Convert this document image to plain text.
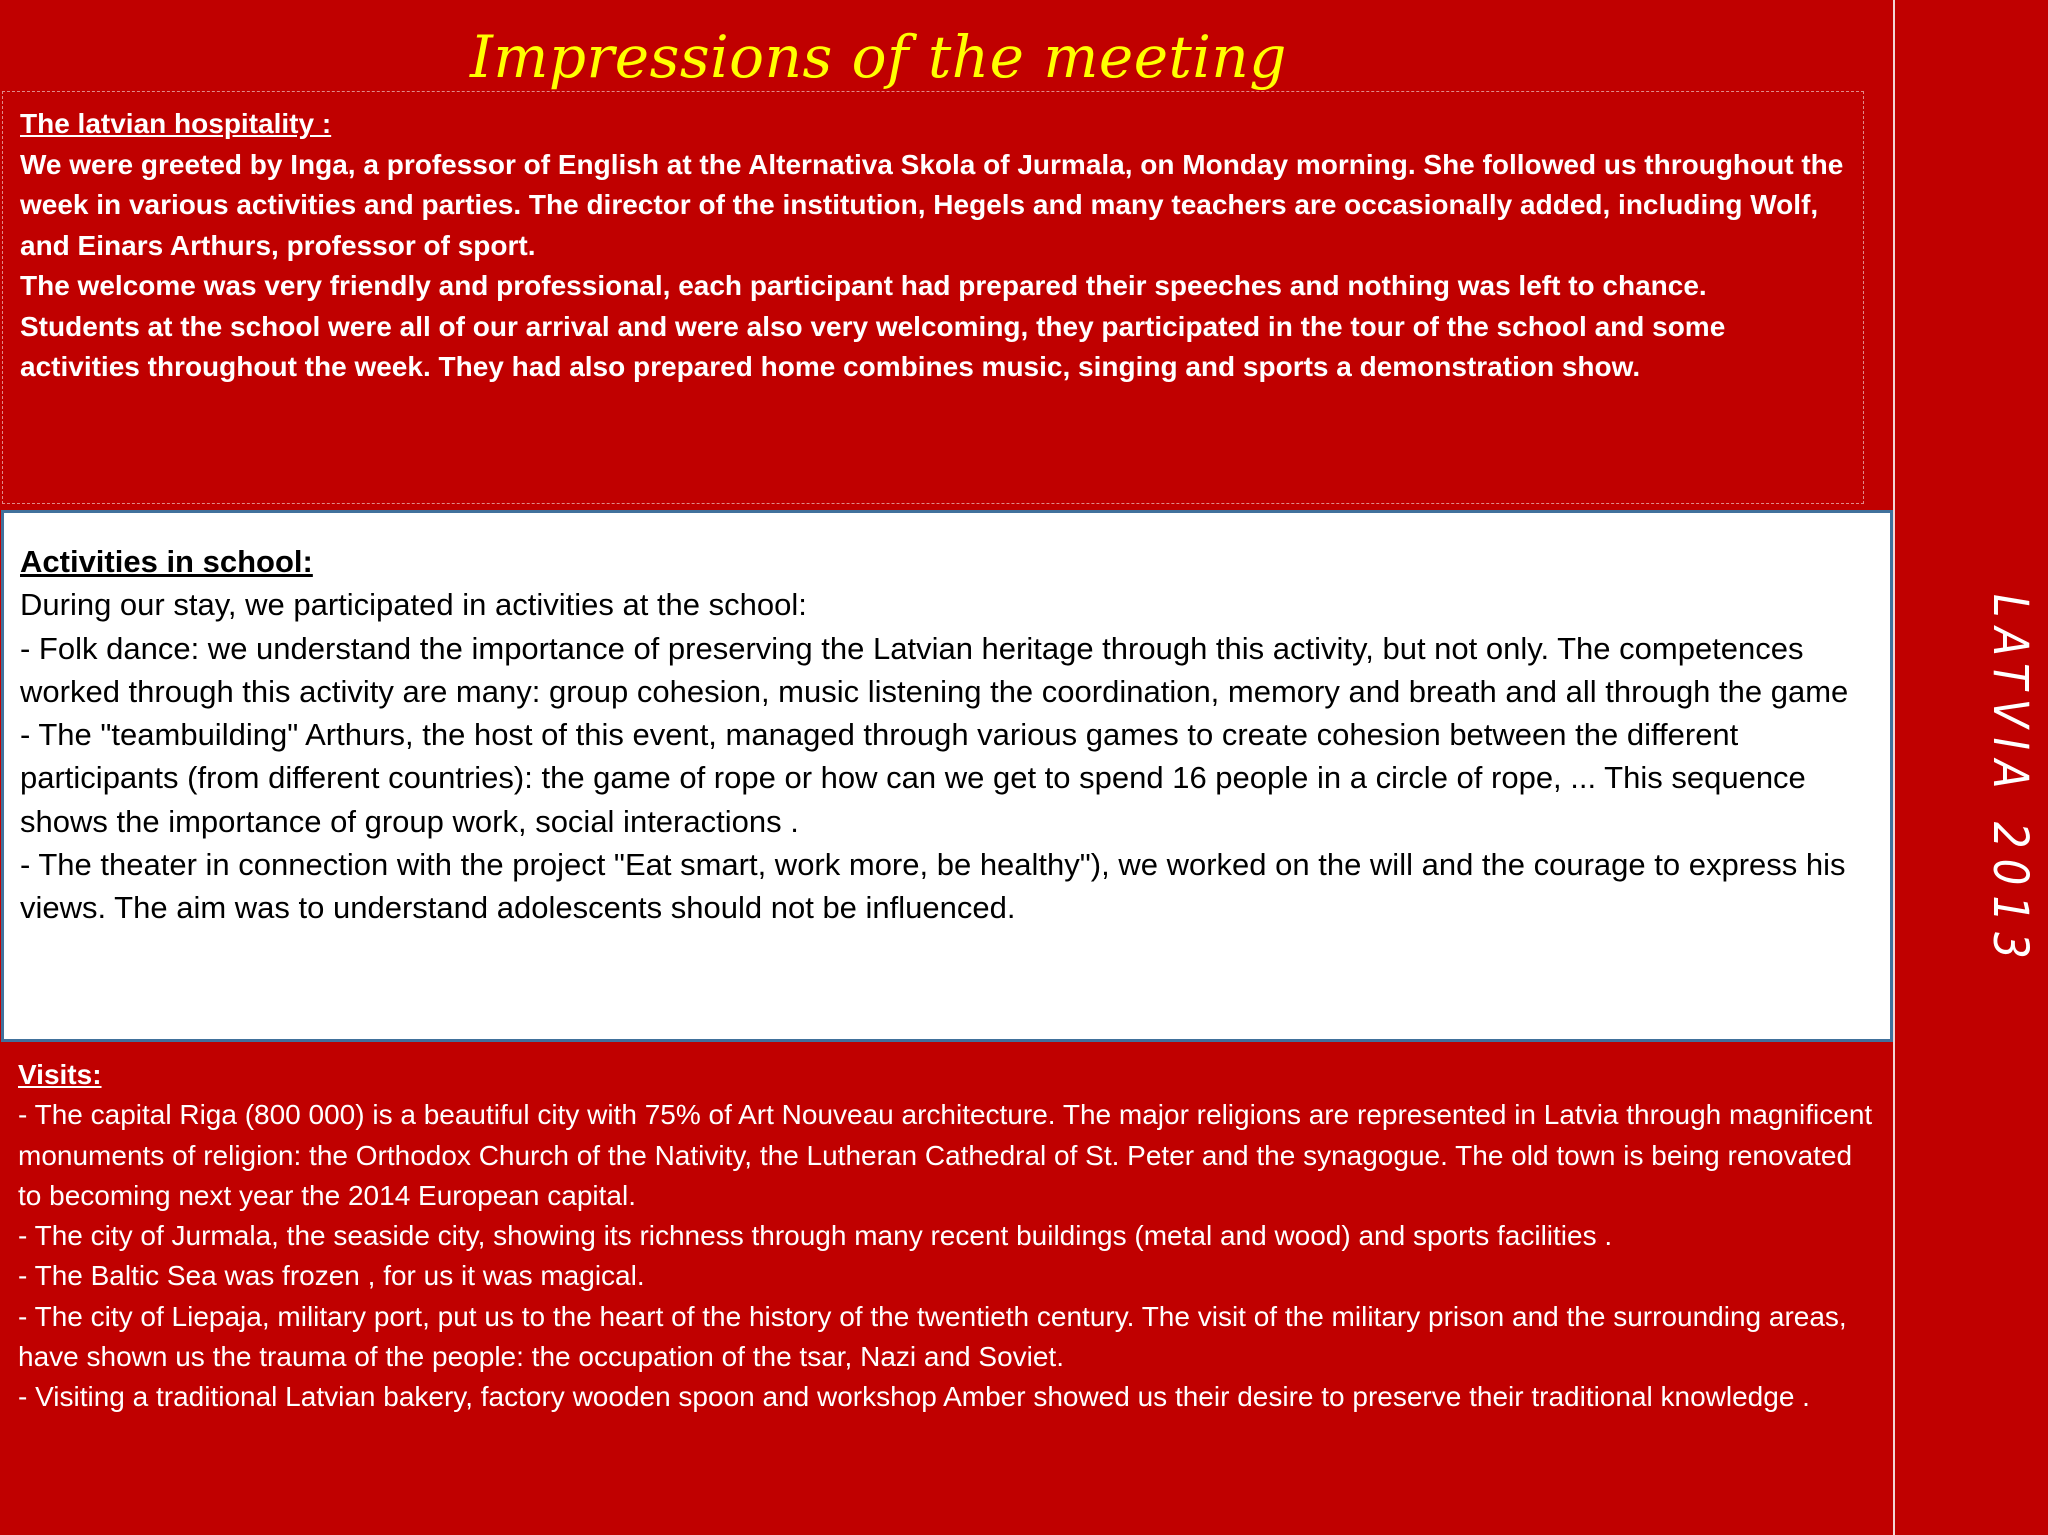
Impressions of the meeting
LATVIA 2013

The latvian hospitality :

We were greeted by Inga, a professor of English at the Alternativa Skola of Jurmala, on Monday morning. She followed us throughout the week in various activities and parties. The director of the institution, Hegels and many teachers are occasionally added, including Wolf, and Einars Arthurs, professor of sport.

The welcome was very friendly and professional, each participant had prepared their speeches and nothing was left to chance.

Students at the school were all of our arrival and were also very welcoming, they participated in the tour of the school and some activities throughout the week. They had also prepared home combines music, singing and sports a demonstration show.

Activities in school:

During our stay, we participated in activities at the school:

- Folk dance: we understand the importance of preserving the Latvian heritage through this activity, but not only. The competences worked through this activity are many: group cohesion, music listening the coordination, memory and breath and all through the game

- The "teambuilding" Arthurs, the host of this event, managed through various games to create cohesion between the different participants (from different countries): the game of rope or how can we get to spend 16 people in a circle of rope, ... This sequence shows the importance of group work, social interactions .

- The theater in connection with the project "Eat smart, work more, be healthy"), we worked on the will and the courage to express his views. The aim was to understand adolescents should not be influenced.

Visits:

- The capital Riga (800 000) is a beautiful city with 75% of Art Nouveau architecture. The major religions are represented in Latvia through magnificent monuments of religion: the Orthodox Church of the Nativity, the Lutheran Cathedral of St. Peter and the synagogue. The old town is being renovated to becoming next year the 2014 European capital.

- The city of Jurmala, the seaside city, showing its richness through many recent buildings (metal and wood) and sports facilities .

- The Baltic Sea was frozen , for us it was magical.

- The city of Liepaja, military port, put us to the heart of the history of the twentieth century. The visit of the military prison and the surrounding areas, have shown us the trauma of the people: the occupation of the tsar, Nazi and Soviet.

- Visiting a traditional Latvian bakery, factory wooden spoon and workshop Amber showed us their desire to preserve their traditional knowledge .
